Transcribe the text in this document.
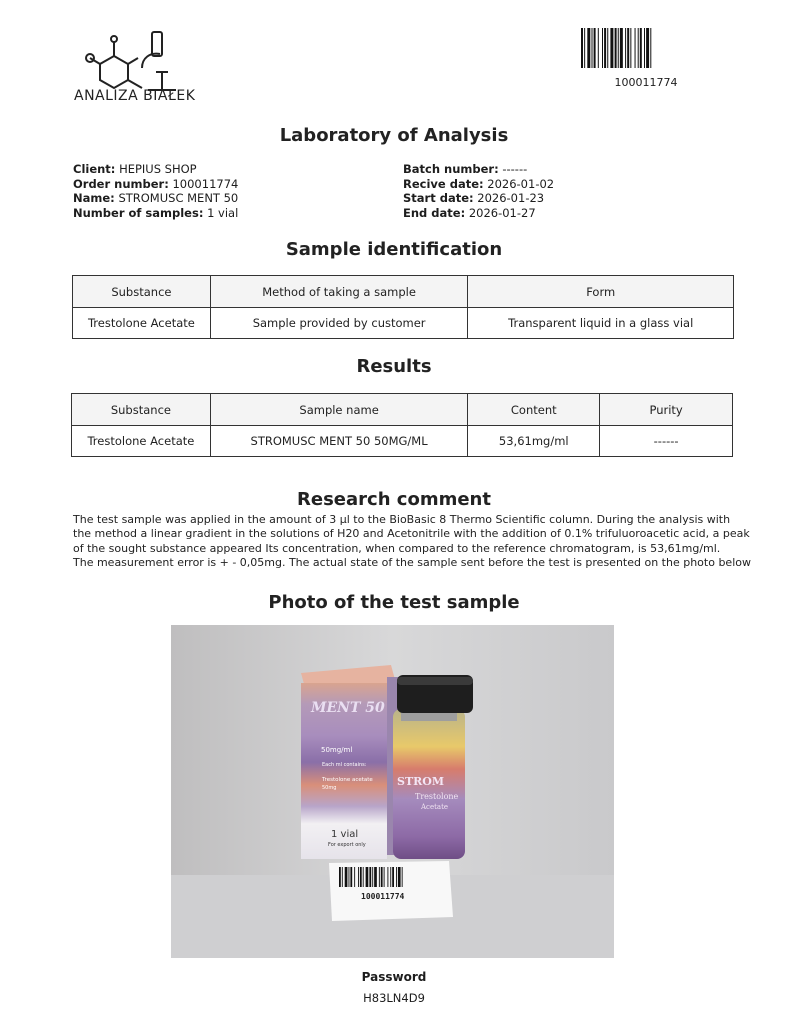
ANALIZA BIAŁEK
100011774
Laboratory of Analysis
Client: HEPIUS SHOP
Order number: 100011774
Name: STROMUSC MENT 50
Number of samples: 1 vial
Batch number: ------
Recive date: 2026-01-02
Start date: 2026-01-23
End date: 2026-01-27
Sample identification
Substance	Method of taking a sample	Form
Trestolone Acetate	Sample provided by customer	Transparent liquid in a glass vial
Results
Substance	Sample name	Content	Purity
Trestolone Acetate	STROMUSC MENT 50 50MG/ML	53,61mg/ml	------
Research comment

The test sample was applied in the amount of 3 µl to the BioBasic 8 Thermo Scientific column. During the analysis with

the method a linear gradient in the solutions of H20 and Acetonitrile with the addition of 0.1% trifuluoroacetic acid, a peak

of the sought substance appeared Its concentration, when compared to the reference chromatogram, is 53,61mg/ml.

The measurement error is + - 0,05mg. The actual state of the sample sent before the test is presented on the photo below

Photo of the test sample
MENT 50
50mg/ml
Each ml contains:
Trestolone acetate
50mg
1 vial
For export only
STROM
Trestolone
Acetate
100011774
Password
H83LN4D9
